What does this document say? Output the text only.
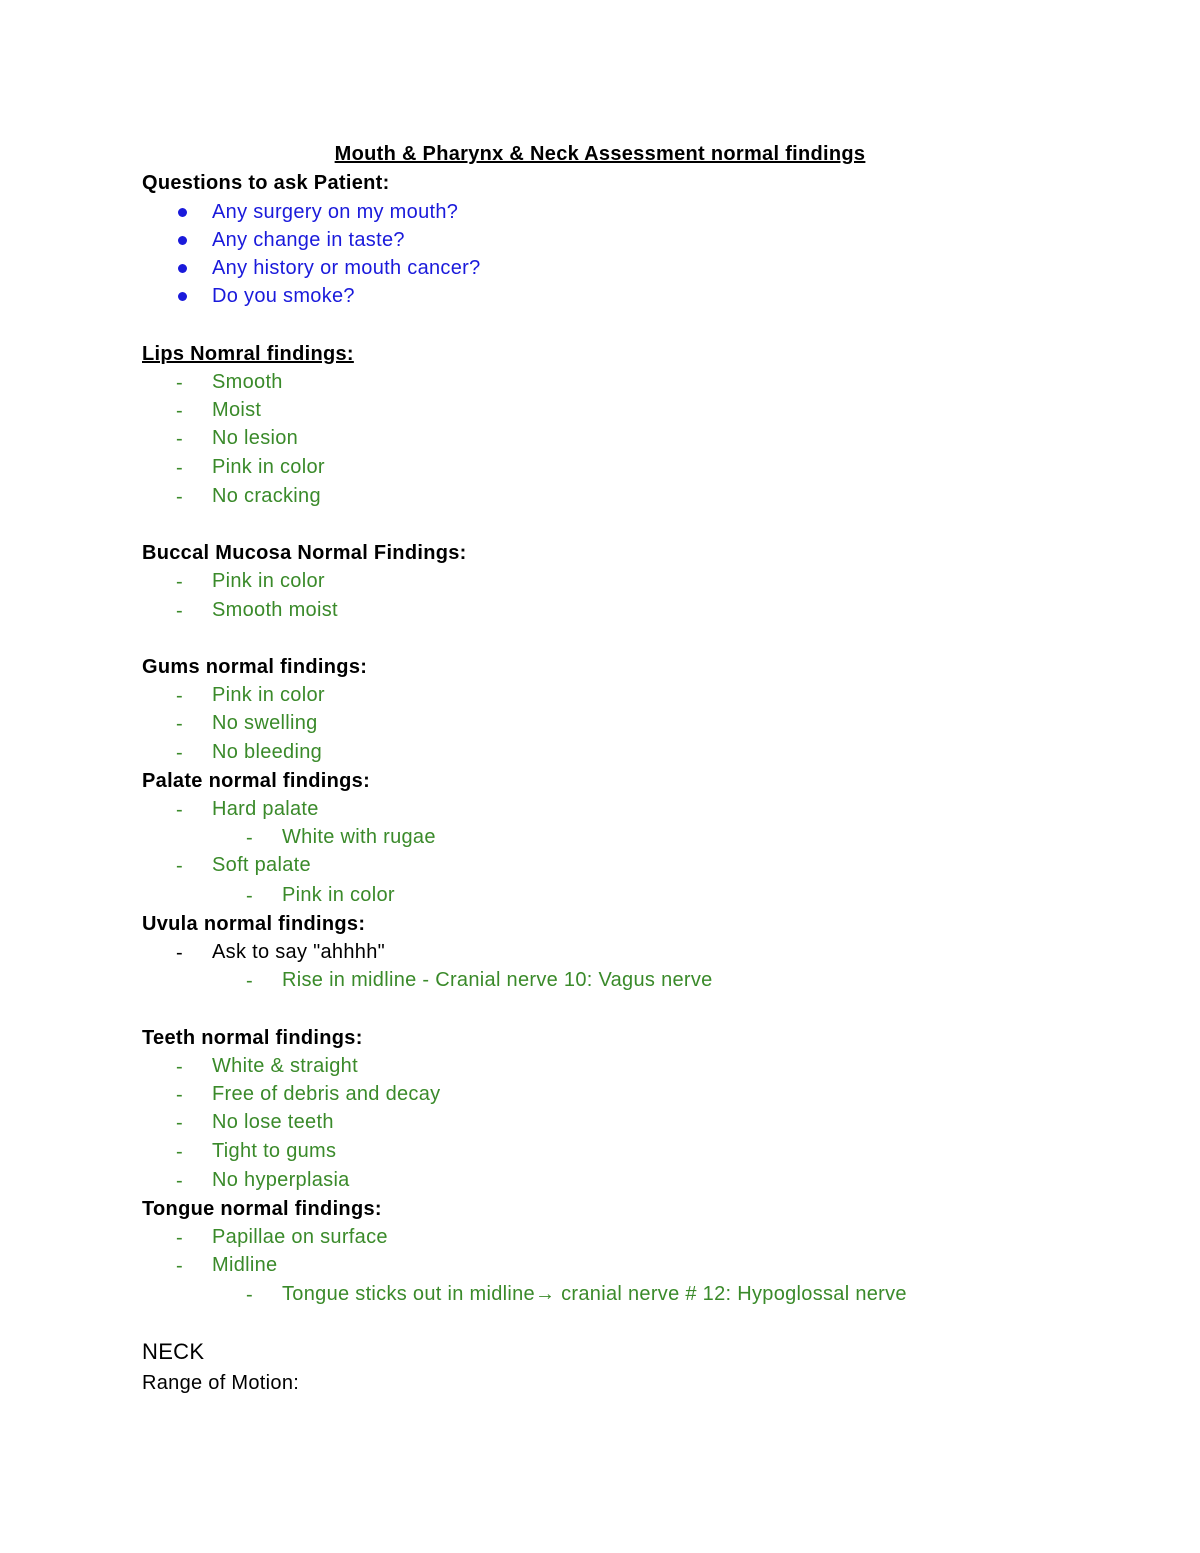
Mouth & Pharynx & Neck Assessment normal findings
Questions to ask Patient:
Any surgery on my mouth?
Any change in taste?
Any history or mouth cancer?
Do you smoke?
Lips Nomral findings:
- Smooth
- Moist
- No lesion
- Pink in color
- No cracking
Buccal Mucosa Normal Findings:
- Pink in color
- Smooth moist
Gums normal findings:
- Pink in color
- No swelling
- No bleeding
Palate normal findings:
- Hard palate
- White with rugae
- Soft palate
- Pink in color
Uvula normal findings:
- Ask to say "ahhhh"
- Rise in midline - Cranial nerve 10: Vagus nerve
Teeth normal findings:
- White & straight
- Free of debris and decay
- No lose teeth
- Tight to gums
- No hyperplasia
Tongue normal findings:
- Papillae on surface
- Midline
- Tongue sticks out in midline→ cranial nerve # 12: Hypoglossal nerve
NECK
Range of Motion:
